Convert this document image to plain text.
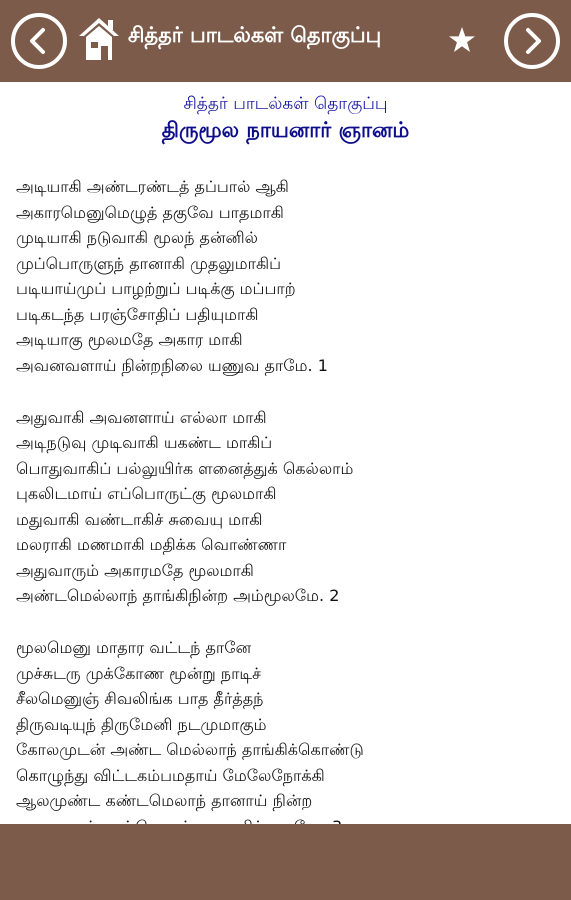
சித்தர் பாடல்கள் தொகுப்பு
சித்தர் பாடல்கள் தொகுப்பு
திருமூல நாயனார் ஞானம்
அடியாகி அண்டரண்டத் தப்பால் ஆகி
அகாரமெனுமெழுத் தகுவே பாதமாகி
முடியாகி நடுவாகி மூலந் தன்னில்
முப்பொருளுந் தானாகி முதலுமாகிப்
படியாய்முப் பாழற்றுப் படிக்கு மப்பாற்
படிகடந்த பரஞ்சோதிப் பதியுமாகி
அடியாகு மூலமதே அகார மாகி
அவனவளாய் நின்றநிலை யணுவ தாமே. 1
அதுவாகி அவனளாய் எல்லா மாகி
அடிநடுவு முடிவாகி யகண்ட மாகிப்
பொதுவாகிப் பல்லுயிர்க ளனைத்துக் கெல்லாம்
புகலிடமாய் எப்பொருட்கு மூலமாகி
மதுவாகி வண்டாகிச் சுவையு மாகி
மலராகி மணமாகி மதிக்க வொண்ணா
அதுவாரும் அகாரமதே மூலமாகி
அண்டமெல்லாந் தாங்கிநின்ற அம்மூலமே. 2
மூலமெனு மாதார வட்டந் தானே
முச்சுடரு முக்கோண மூன்று நாடிச்
சீலமெனுஞ் சிவலிங்க பாத தீர்த்தந்
திருவடியுந் திருமேனி நடமுமாகும்
கோலமுடன் அண்ட மெல்லாந் தாங்கிக்கொண்டு
கொழுந்து விட்டகம்பமதாய் மேலேநோக்கி
ஆலமுண்ட கண்டமெலாந் தானாய் நின்ற
